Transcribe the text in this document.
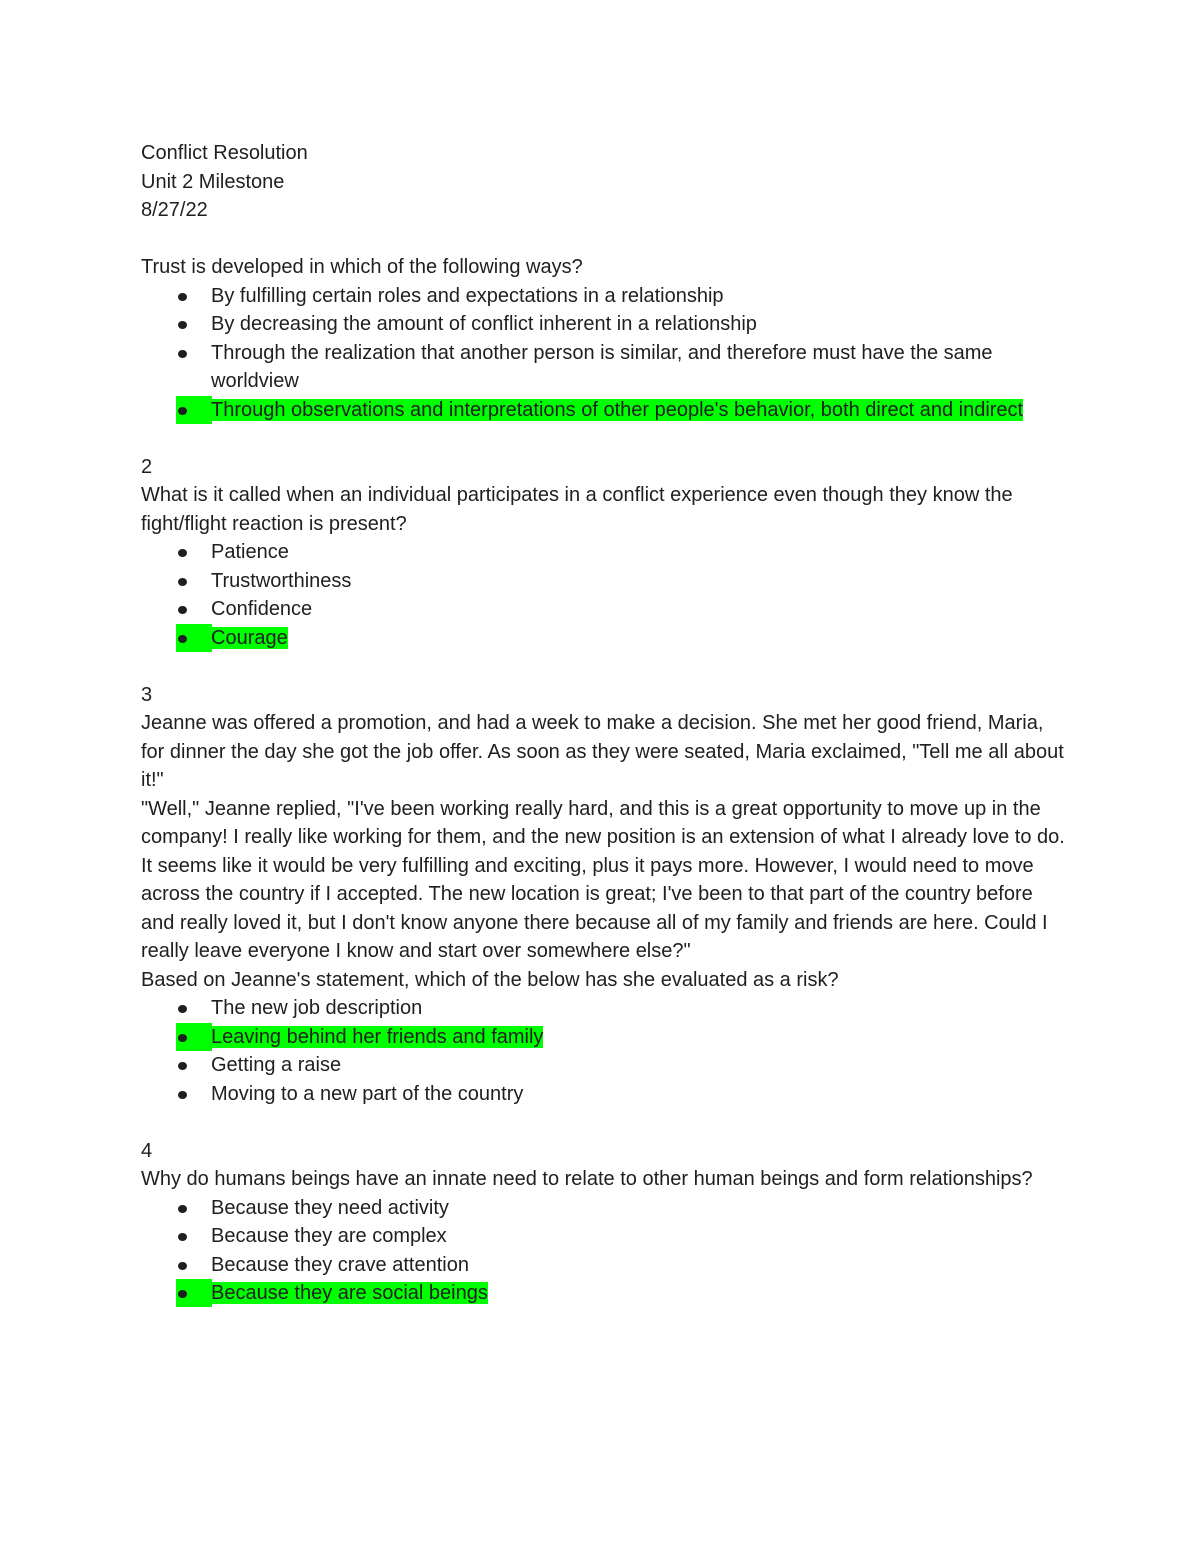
Conflict Resolution

Unit 2 Milestone

8/27/22

Trust is developed in which of the following ways?

By fulfilling certain roles and expectations in a relationship
By decreasing the amount of conflict inherent in a relationship
Through the realization that another person is similar, and therefore must have the same worldview
Through observations and interpretations of other people's behavior, both direct and indirect

2

What is it called when an individual participates in a conflict experience even though they know the fight/flight reaction is present?

Patience
Trustworthiness
Confidence
Courage

3

Jeanne was offered a promotion, and had a week to make a decision. She met her good friend, Maria, for dinner the day she got the job offer. As soon as they were seated, Maria exclaimed, "Tell me all about it!"

"Well," Jeanne replied, "I've been working really hard, and this is a great opportunity to move up in the company! I really like working for them, and the new position is an extension of what I already love to do. It seems like it would be very fulfilling and exciting, plus it pays more. However, I would need to move across the country if I accepted. The new location is great; I've been to that part of the country before and really loved it, but I don't know anyone there because all of my family and friends are here. Could I really leave everyone I know and start over somewhere else?"

Based on Jeanne's statement, which of the below has she evaluated as a risk?

The new job description
Leaving behind her friends and family
Getting a raise
Moving to a new part of the country

4

Why do humans beings have an innate need to relate to other human beings and form relationships?

Because they need activity
Because they are complex
Because they crave attention
Because they are social beings
